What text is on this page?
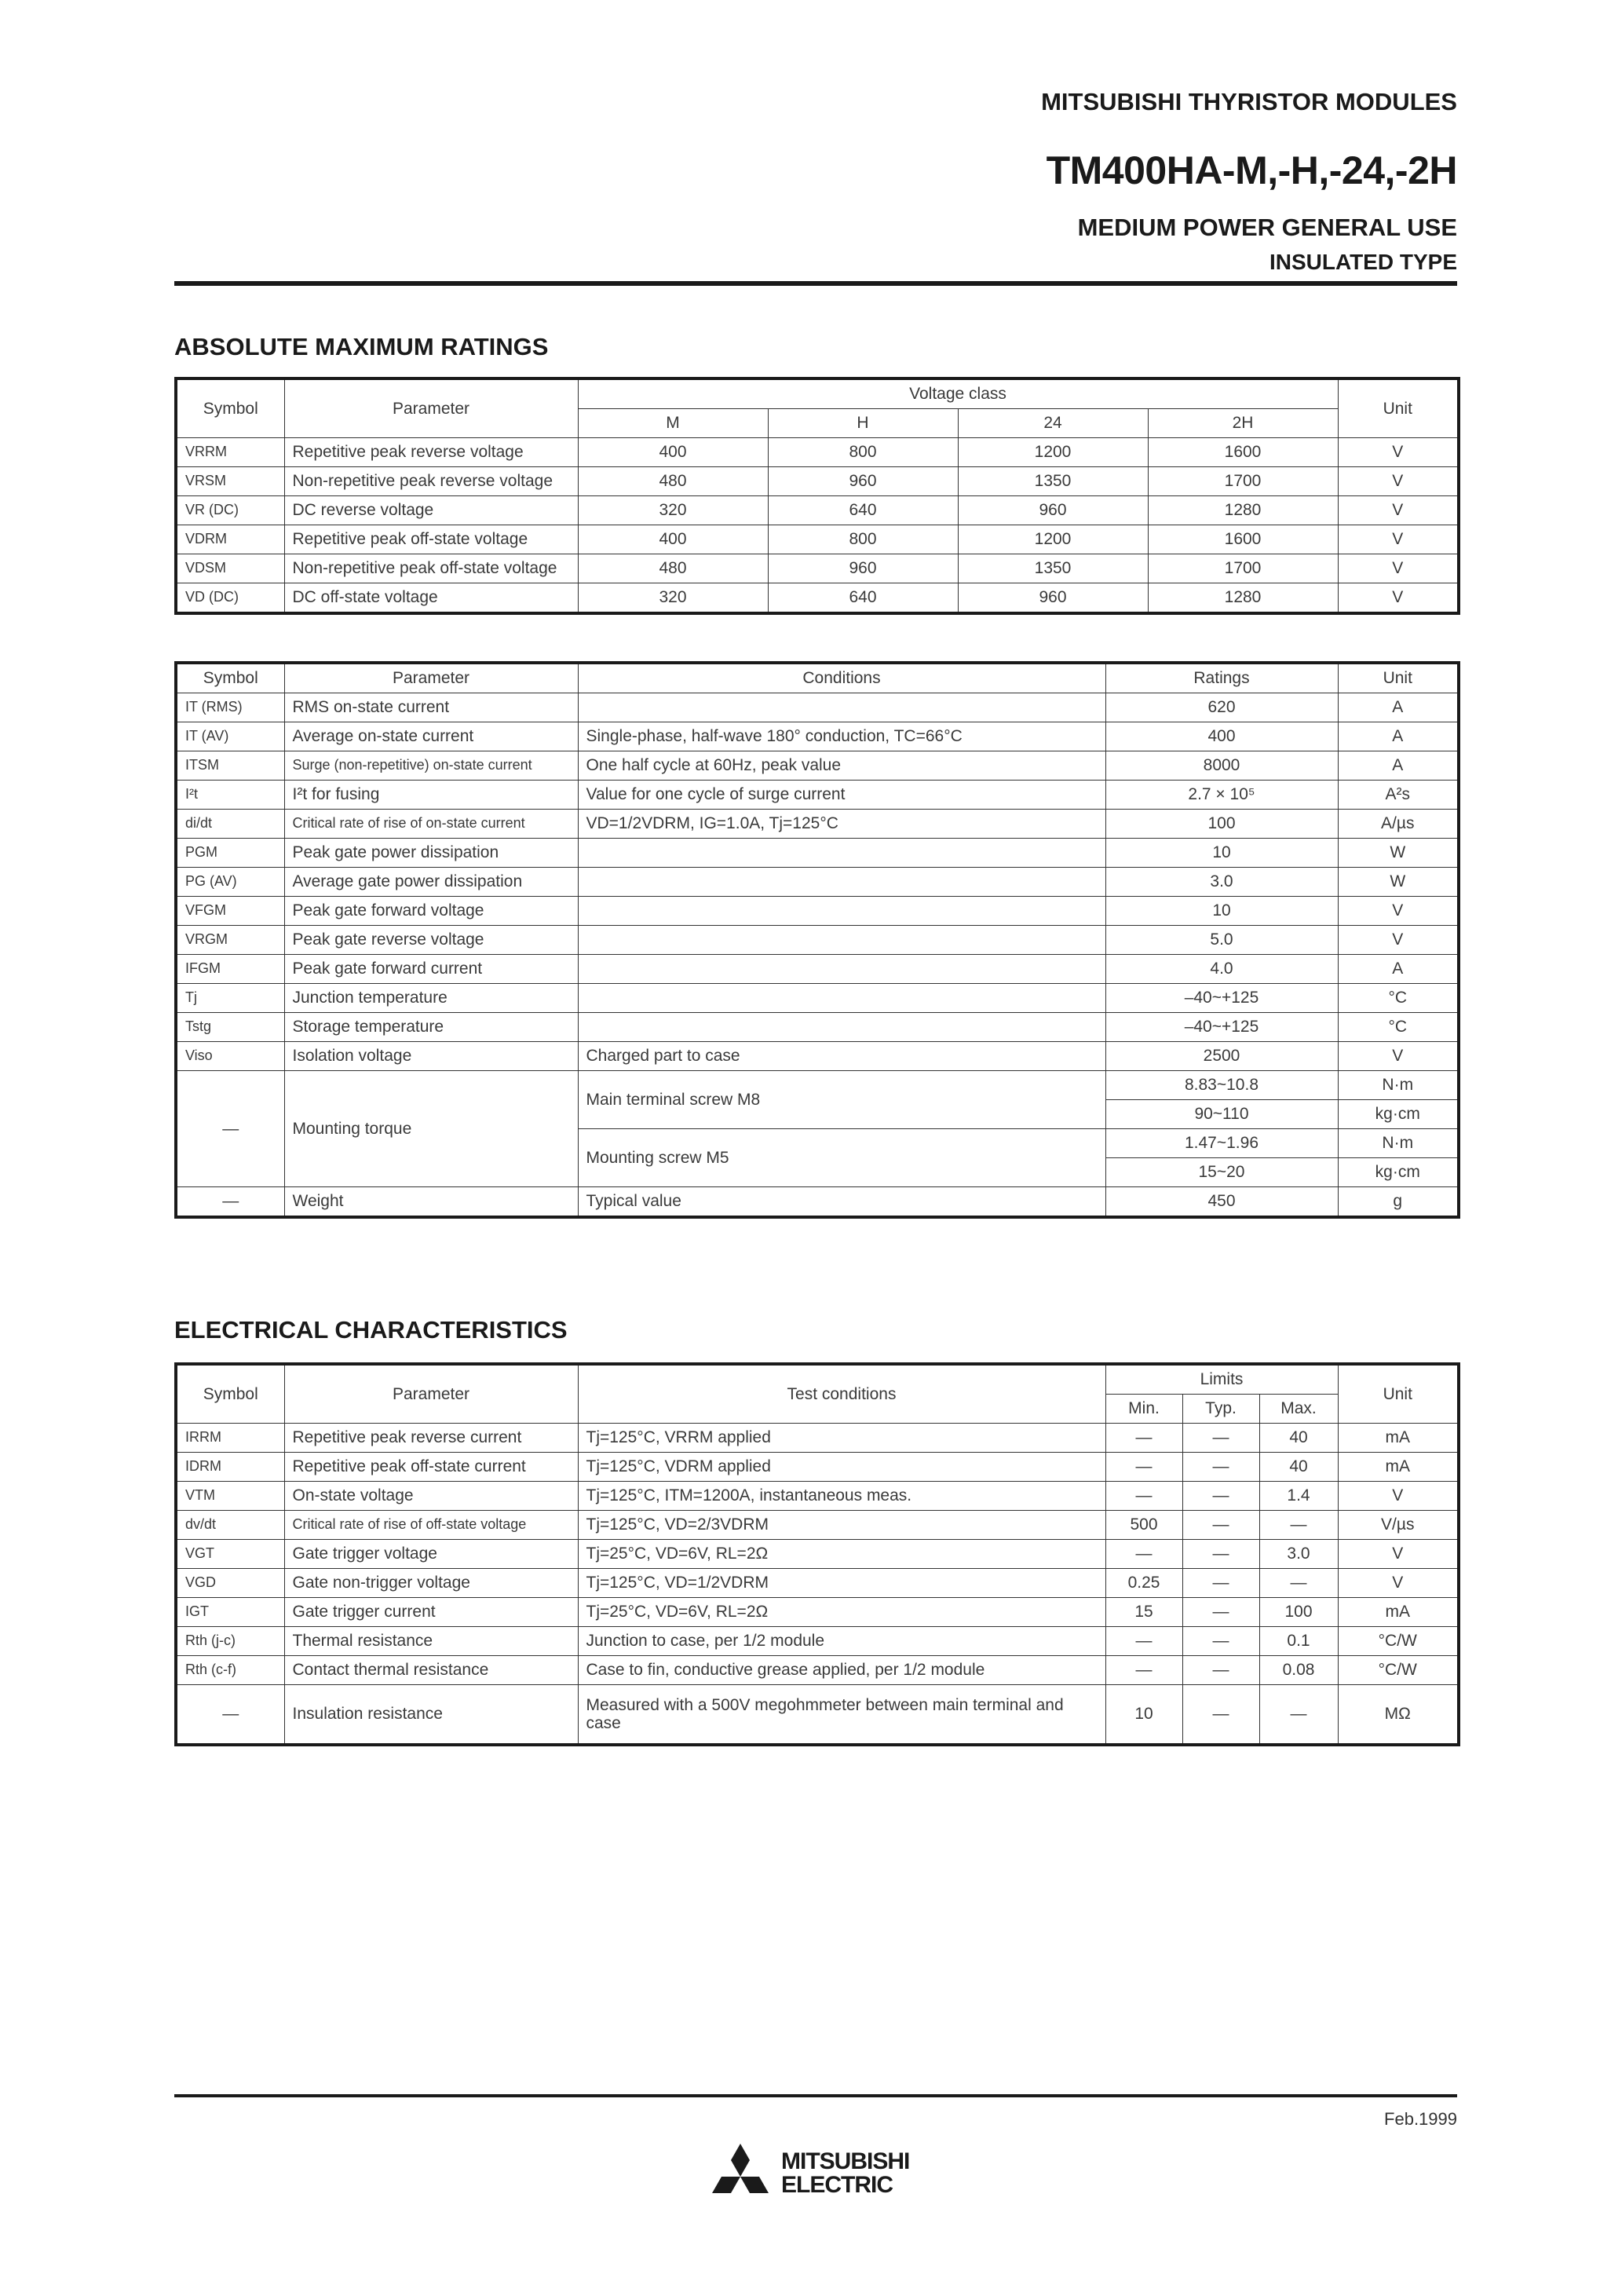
MITSUBISHI THYRISTOR MODULES
TM400HA-M,-H,-24,-2H
MEDIUM POWER GENERAL USE
INSULATED TYPE
ABSOLUTE MAXIMUM RATINGS
Symbol	Parameter	Voltage class				Unit
		M	H	24	2H	
VRRM	Repetitive peak reverse voltage	400	800	1200	1600	V
VRSM	Non-repetitive peak reverse voltage	480	960	1350	1700	V
VR (DC)	DC reverse voltage	320	640	960	1280	V
VDRM	Repetitive peak off-state voltage	400	800	1200	1600	V
VDSM	Non-repetitive peak off-state voltage	480	960	1350	1700	V
VD (DC)	DC off-state voltage	320	640	960	1280	V
Symbol	Parameter	Conditions	Ratings	Unit
IT (RMS)	RMS on-state current		620	A
IT (AV)	Average on-state current	Single-phase, half-wave 180° conduction, TC=66°C	400	A
ITSM	Surge (non-repetitive) on-state current	One half cycle at 60Hz, peak value	8000	A
I²t	I²t for fusing	Value for one cycle of surge current	2.7 × 10⁵	A²s
di/dt	Critical rate of rise of on-state current	VD=1/2VDRM, IG=1.0A, Tj=125°C	100	A/µs
PGM	Peak gate power dissipation		10	W
PG (AV)	Average gate power dissipation		3.0	W
VFGM	Peak gate forward voltage		10	V
VRGM	Peak gate reverse voltage		5.0	V
IFGM	Peak gate forward current		4.0	A
Tj	Junction temperature		–40~+125	°C
Tstg	Storage temperature		–40~+125	°C
Viso	Isolation voltage	Charged part to case	2500	V
—	Mounting torque	Main terminal screw M8	8.83~10.8	N·m
			90~110	kg·cm
		Mounting screw M5	1.47~1.96	N·m
			15~20	kg·cm
—	Weight	Typical value	450	g
ELECTRICAL CHARACTERISTICS
Symbol	Parameter	Test conditions	Limits			Unit
			Min.	Typ.	Max.	
IRRM	Repetitive peak reverse current	Tj=125°C, VRRM applied	—	—	40	mA
IDRM	Repetitive peak off-state current	Tj=125°C, VDRM applied	—	—	40	mA
VTM	On-state voltage	Tj=125°C, ITM=1200A, instantaneous meas.	—	—	1.4	V
dv/dt	Critical rate of rise of off-state voltage	Tj=125°C, VD=2/3VDRM	500	—	—	V/µs
VGT	Gate trigger voltage	Tj=25°C, VD=6V, RL=2Ω	—	—	3.0	V
VGD	Gate non-trigger voltage	Tj=125°C, VD=1/2VDRM	0.25	—	—	V
IGT	Gate trigger current	Tj=25°C, VD=6V, RL=2Ω	15	—	100	mA
Rth (j-c)	Thermal resistance	Junction to case, per 1/2 module	—	—	0.1	°C/W
Rth (c-f)	Contact thermal resistance	Case to fin, conductive grease applied, per 1/2 module	—	—	0.08	°C/W
—	Insulation resistance	Measured with a 500V megohmmeter between main terminal and case	10	—	—	MΩ
Feb.1999
MITSUBISHI
ELECTRIC
